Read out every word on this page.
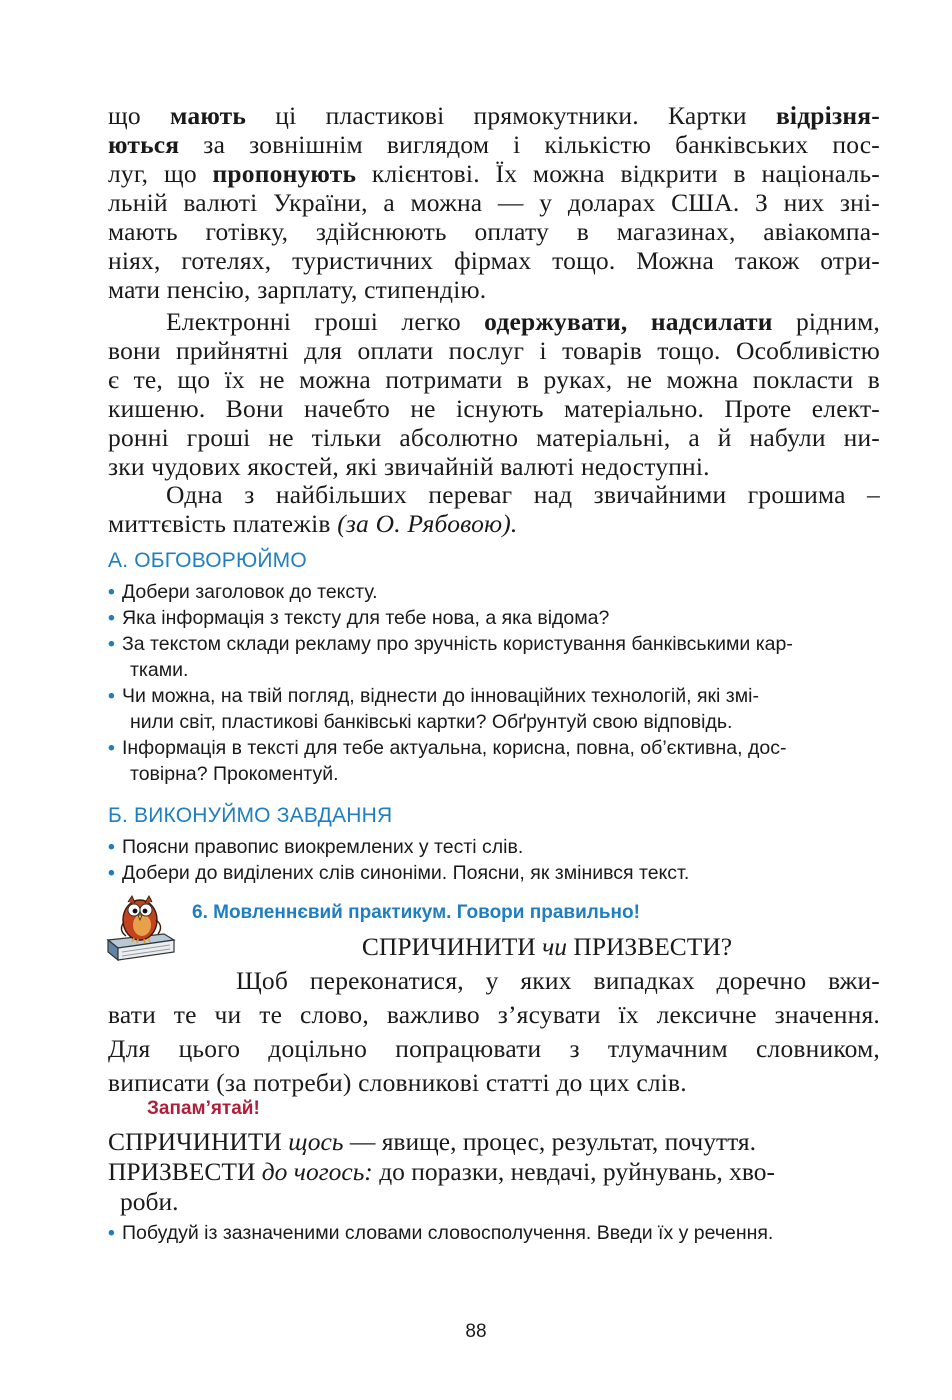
що мають ці пластикові прямокутники. Картки відрізня-
ються за зовнішнім виглядом і кількістю банківських пос-
луг, що пропонують клієнтові. Їх можна відкрити в національ-
льній валюті України, а можна — у доларах США. З них зні-
мають готівку, здійснюють оплату в магазинах, авіакомпа-
ніях, готелях, туристичних фірмах тощо. Можна також отри-
мати пенсію, зарплату, стипендію.
Електронні гроші легко одержувати, надсилати рідним,
вони прийнятні для оплати послуг і товарів тощо. Особливістю
є те, що їх не можна потримати в руках, не можна покласти в
кишеню. Вони начебто не існують матеріально. Проте елект-
ронні гроші не тільки абсолютно матеріальні, а й набули ни-
зки чудових якостей, які звичайній валюті недоступні.
Одна з найбільших переваг над звичайними грошима –
миттєвість платежів (за О. Рябовою).
А. ОБГОВОРЮЙМО
• Добери заголовок до тексту.
• Яка інформація з тексту для тебе нова, а яка відома?
• За текстом склади рекламу про зручність користування банківськими кар-
тками.
• Чи можна, на твій погляд, віднести до інноваційних технологій, які змі-
нили світ, пластикові банківські картки? Обґрунтуй свою відповідь.
• Інформація в тексті для тебе актуальна, корисна, повна, об’єктивна, дос-
товірна? Прокоментуй.
Б. ВИКОНУЙМО ЗАВДАННЯ
• Поясни правопис виокремлених у тесті слів.
• Добери до виділених слів синоніми. Поясни, як змінився текст.
6. Мовленнєвий практикум. Говори правильно!
СПРИЧИНИТИ чи ПРИЗВЕСТИ?
Щоб переконатися, у яких випадках доречно вжи-
вати те чи те слово, важливо з’ясувати їх лексичне значення.
Для цього доцільно попрацювати з тлумачним словником,
виписати (за потреби) словникові статті до цих слів.
Запам’ятай!
СПРИЧИНИТИ щось — явище, процес, результат, почуття.
ПРИЗВЕСТИ до чогось: до поразки, невдачі, руйнувань, хво-
роби.
• Побудуй із зазначеними словами словосполучення. Введи їх у речення.
88
